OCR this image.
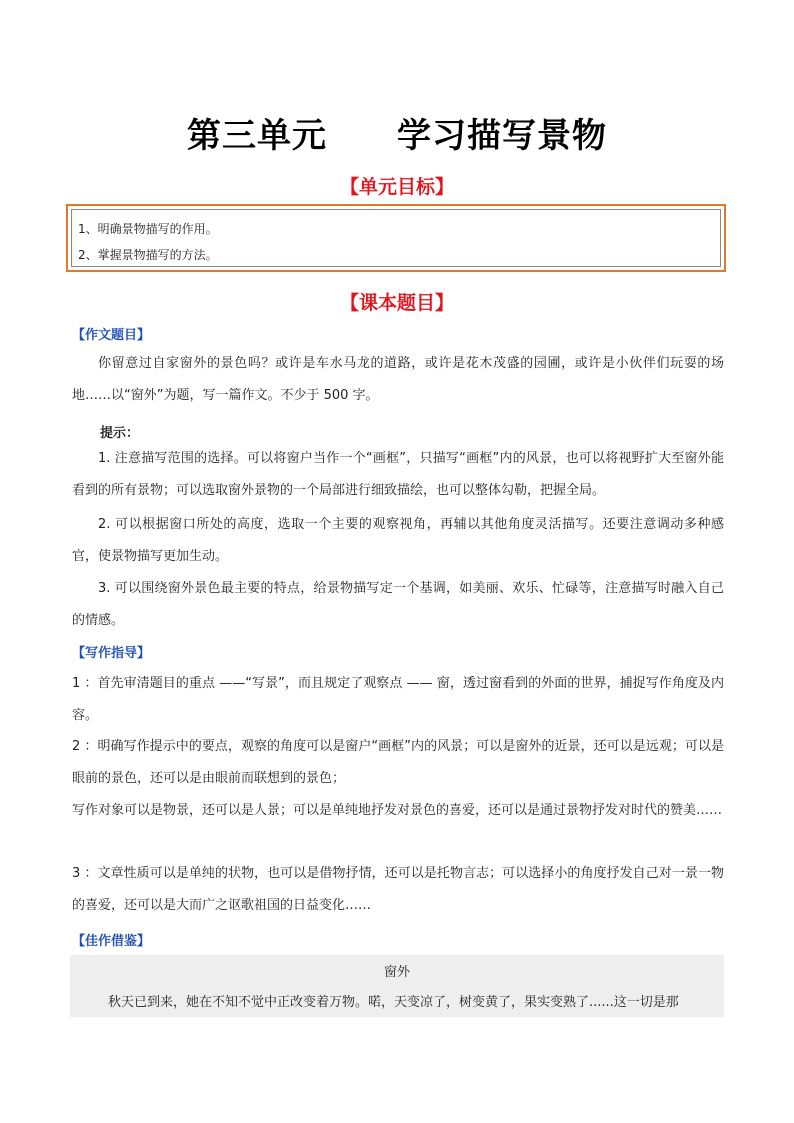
第三单元 学习描写景物
【单元目标】
1、明确景物描写的作用。
2、掌握景物描写的方法。
【课本题目】
【作文题目】
你留意过自家窗外的景色吗？或许是车水马龙的道路，或许是花木茂盛的园圃，或许是小伙伴们玩耍的场地……以“窗外”为题，写一篇作文。不少于 500 字。
提示：
1. 注意描写范围的选择。可以将窗户当作一个“画框”，只描写“画框”内的风景，也可以将视野扩大至窗外能看到的所有景物；可以选取窗外景物的一个局部进行细致描绘，也可以整体勾勒，把握全局。
2. 可以根据窗口所处的高度，选取一个主要的观察视角，再辅以其他角度灵活描写。还要注意调动多种感官，使景物描写更加生动。
3. 可以围绕窗外景色最主要的特点，给景物描写定一个基调，如美丽、欢乐、忙碌等，注意描写时融入自己的情感。
【写作指导】
1 ：首先审清题目的重点 ——“写景”，而且规定了观察点 —— 窗，透过窗看到的外面的世界，捕捉写作角度及内容。
2 ：明确写作提示中的要点，观察的角度可以是窗户“画框”内的风景；可以是窗外的近景，还可以是远观；可以是眼前的景色，还可以是由眼前而联想到的景色；
写作对象可以是物景，还可以是人景；可以是单纯地抒发对景色的喜爱，还可以是通过景物抒发对时代的赞美……
3 ：文章性质可以是单纯的状物，也可以是借物抒情，还可以是托物言志；可以选择小的角度抒发自己对一景一物的喜爱，还可以是大而广之讴歌祖国的日益变化……
【佳作借鉴】
窗外
秋天已到来，她在不知不觉中正改变着万物。喏，天变凉了，树变黄了，果实变熟了......这一切是那
